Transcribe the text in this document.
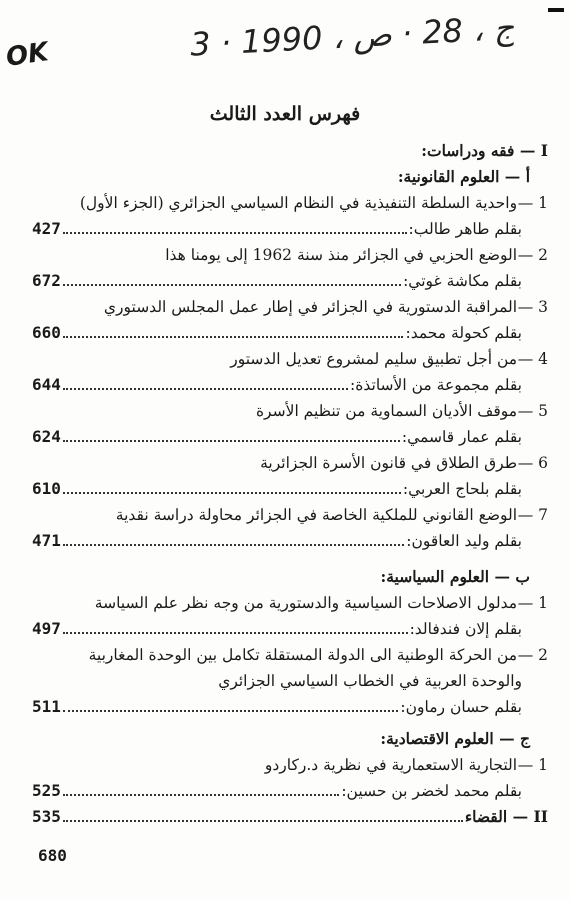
OK	3 · ج ، 28 · ص ، 1990
فهرس العدد الثالث
I — فقه ودراسات:
أ — العلوم القانونية:
1 — واحدية السلطة التنفيذية في النظام السياسي الجزائري (الجزء الأول)
بقلم طاهر طالب:
427
2 — الوضع الحزبي في الجزائر منذ سنة 1962 إلى يومنا هذا
بقلم مكاشة غوتي:
672
3 — المراقبة الدستورية في الجزائر في إطار عمل المجلس الدستوري
بقلم كحولة محمد:
660
4 — من أجل تطبيق سليم لمشروع تعديل الدستور
بقلم مجموعة من الأساتذة:
644
5 — موقف الأديان السماوية من تنظيم الأسرة
بقلم عمار قاسمي:
624
6 — طرق الطلاق في قانون الأسرة الجزائرية
بقلم بلحاج العربي:
610
7 — الوضع القانوني للملكية الخاصة في الجزائر محاولة دراسة نقدية
بقلم وليد العاقون:
471
ب — العلوم السياسية:
1 — مدلول الاصلاحات السياسية والدستورية من وجه نظر علم السياسة
بقلم إلان فندفالد:
497
2 — من الحركة الوطنية الى الدولة المستقلة تكامل بين الوحدة المغاربية
والوحدة العربية في الخطاب السياسي الجزائري
بقلم حسان رماون:
511
ج — العلوم الاقتصادية:
1 — التجارية الاستعمارية في نظرية د.ركاردو
بقلم محمد لخضر بن حسين:
525
II — القضاء
535
680
